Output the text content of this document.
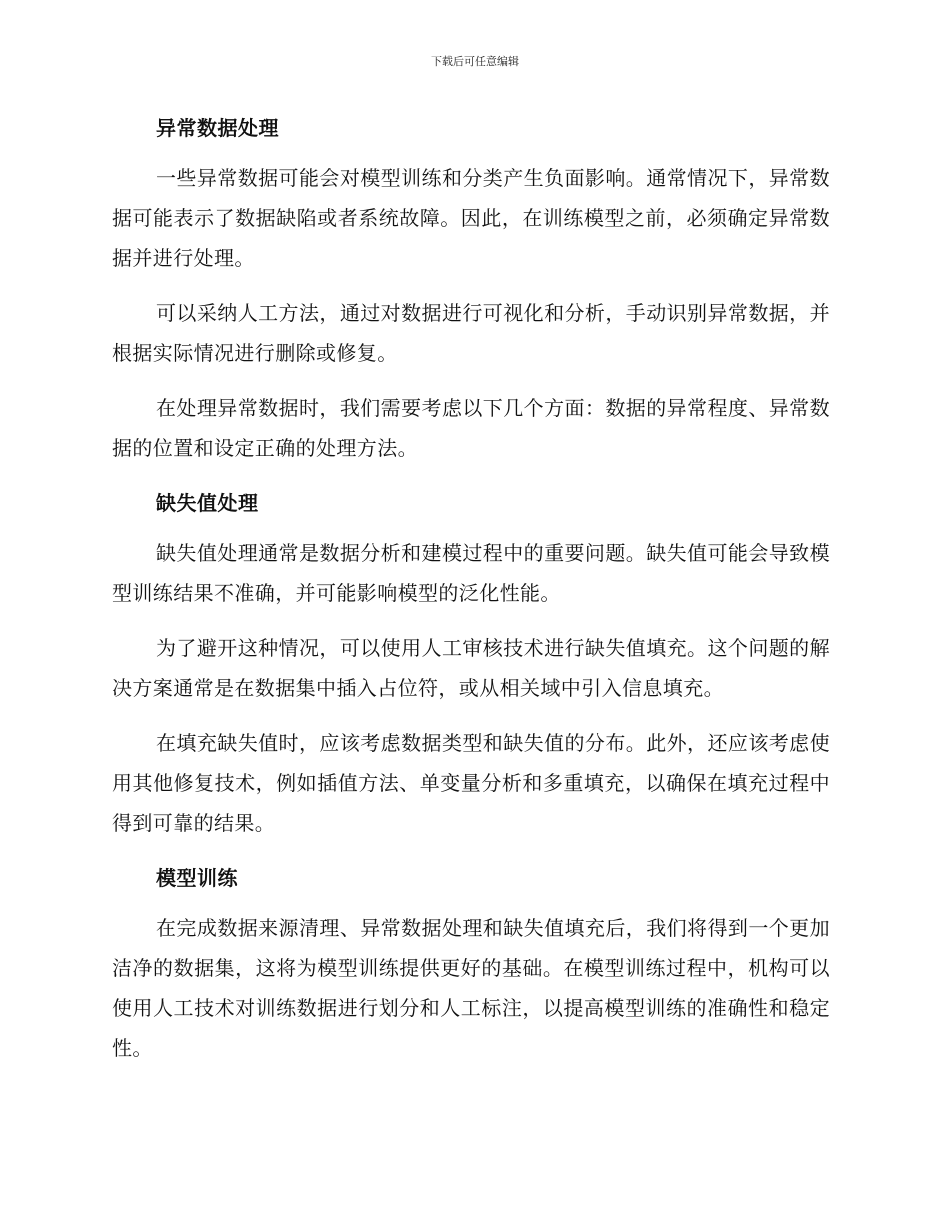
下载后可任意编辑
异常数据处理

一些异常数据可能会对模型训练和分类产生负面影响。通常情况下，异常数据可能表示了数据缺陷或者系统故障。因此，在训练模型之前，必须确定异常数据并进行处理。

可以采纳人工方法，通过对数据进行可视化和分析，手动识别异常数据，并根据实际情况进行删除或修复。

在处理异常数据时，我们需要考虑以下几个方面：数据的异常程度、异常数据的位置和设定正确的处理方法。

缺失值处理

缺失值处理通常是数据分析和建模过程中的重要问题。缺失值可能会导致模型训练结果不准确，并可能影响模型的泛化性能。

为了避开这种情况，可以使用人工审核技术进行缺失值填充。这个问题的解决方案通常是在数据集中插入占位符，或从相关域中引入信息填充。

在填充缺失值时，应该考虑数据类型和缺失值的分布。此外，还应该考虑使用其他修复技术，例如插值方法、单变量分析和多重填充，以确保在填充过程中得到可靠的结果。

模型训练

在完成数据来源清理、异常数据处理和缺失值填充后，我们将得到一个更加洁净的数据集，这将为模型训练提供更好的基础。在模型训练过程中，机构可以使用人工技术对训练数据进行划分和人工标注，以提高模型训练的准确性和稳定性。
